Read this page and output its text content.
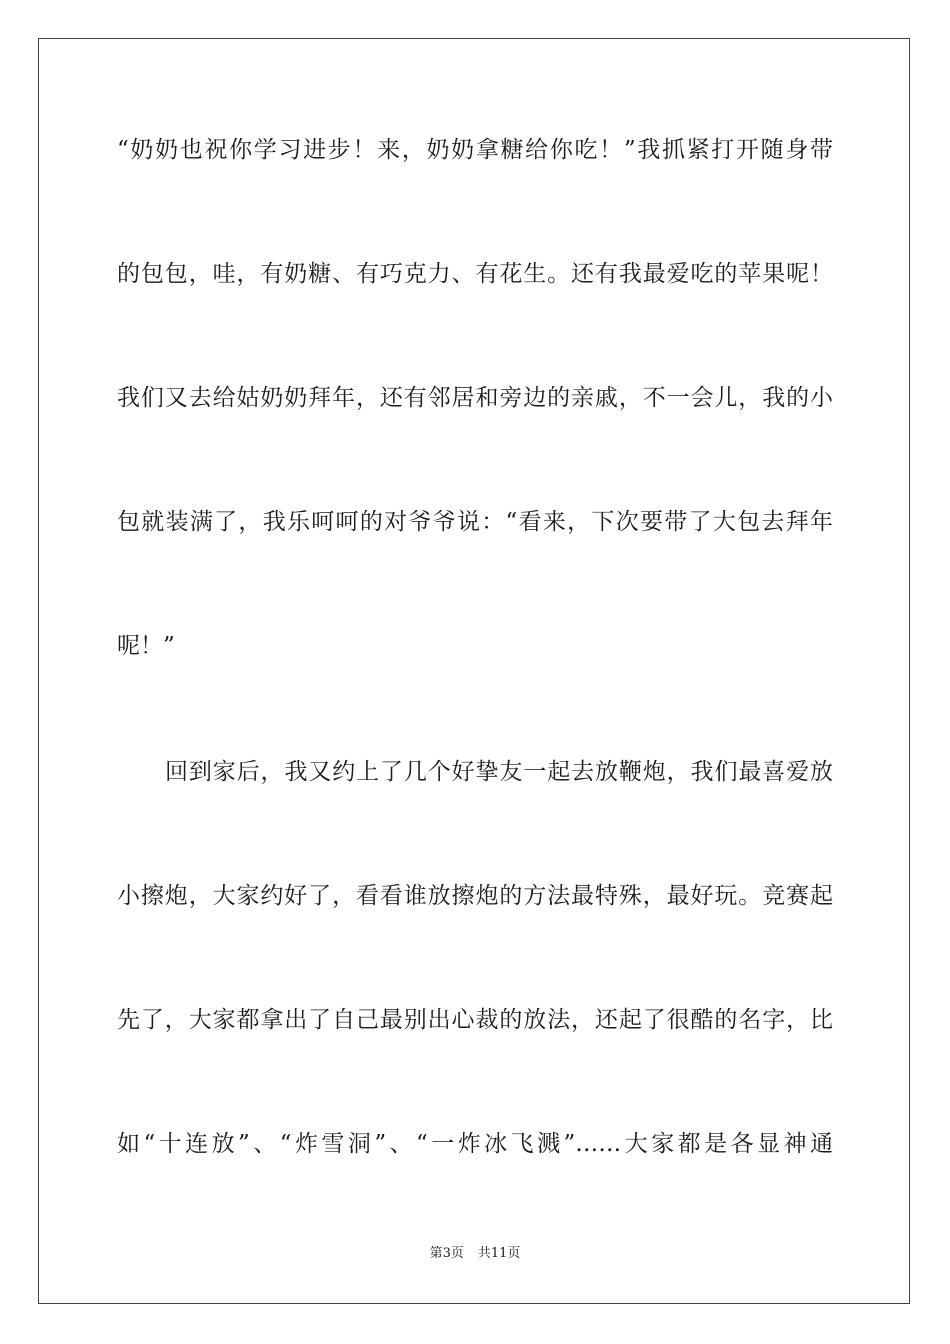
“奶奶也祝你学习进步！来，奶奶拿糖给你吃！”我抓紧打开随身带
的包包，哇，有奶糖、有巧克力、有花生。还有我最爱吃的苹果呢！
我们又去给姑奶奶拜年，还有邻居和旁边的亲戚，不一会儿，我的小
包就装满了，我乐呵呵的对爷爷说：“看来，下次要带了大包去拜年
呢！”
回到家后，我又约上了几个好挚友一起去放鞭炮，我们最喜爱放
小擦炮，大家约好了，看看谁放擦炮的方法最特殊，最好玩。竞赛起
先了，大家都拿出了自己最别出心裁的放法，还起了很酷的名字，比
如“十连放”、“炸雪洞”、“一炸冰飞溅”……大家都是各显神通
第3页 共11页
